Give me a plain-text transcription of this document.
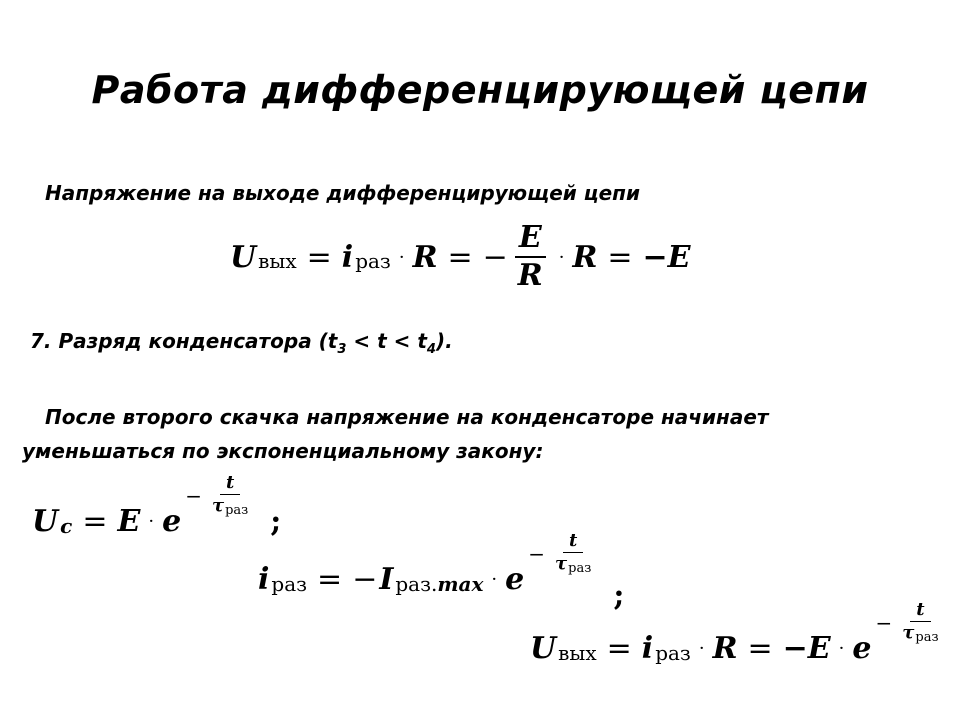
Работа дифференцирующей цепи
Напряжение на выходе дифференцирующей цепи
U вых = i раз · R = − $\frac{E}{R} \cdot R = -E$
7. Разряд конденсатора $(t_3 < t < t_4)$.
После второго скачка напряжение на конденсаторе начинает
уменьшаться по экспоненциальному закону:
U c = E · e
− $\frac{t}{\text{τраз}}$
;
i раз = − I раз.max · e
− $\frac{t}{\text{τраз}}$
;
U вых = i раз · R = −E · e
− $\frac{t}{\text{τраз}}$
